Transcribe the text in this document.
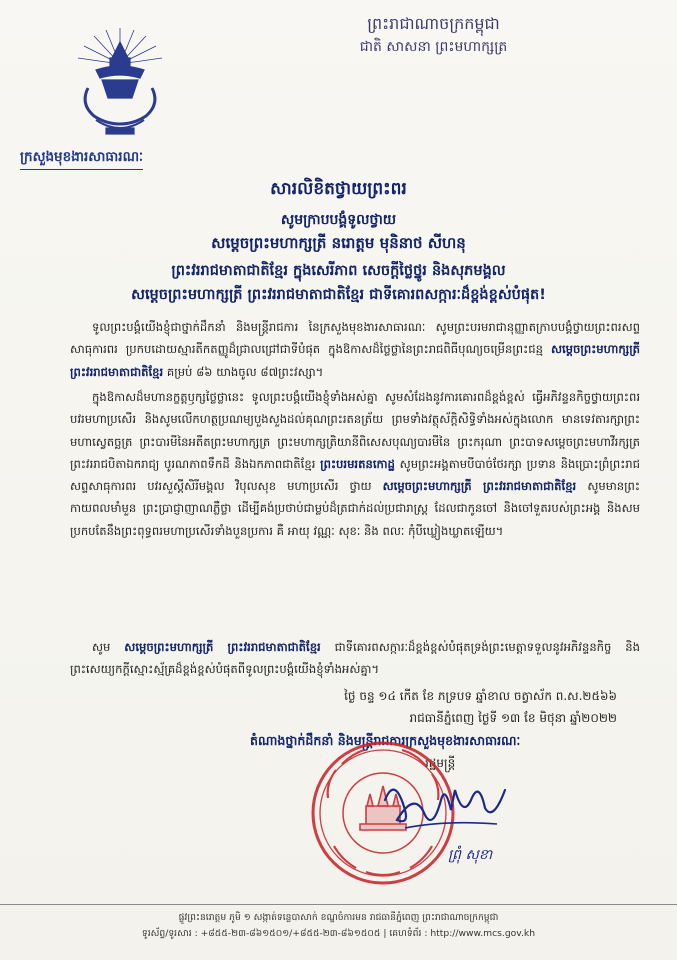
ព្រះរាជាណាចក្រកម្ពុជា
ជាតិ សាសនា ព្រះមហាក្សត្រ
ក្រសួងមុខងារសាធារណៈ
សារលិខិតថ្វាយព្រះពរ
សូមក្រាបបង្គំទូលថ្វាយ
សម្តេចព្រះមហាក្សត្រី នរោត្តម មុនិនាថ សីហនុ
ព្រះវររាជមាតាជាតិខ្មែរ ក្នុងសេរីភាព សេចក្តីថ្លៃថ្នូរ និងសុភមង្គល
សម្តេចព្រះមហាក្សត្រី ព្រះវររាជមាតាជាតិខ្មែរ ជាទីគោរពសក្ការៈដ៏ខ្ពង់ខ្ពស់បំផុត!
ទូលព្រះបង្គំយើងខ្ញុំជាថ្នាក់ដឹកនាំ និងមន្ត្រីរាជការ នៃក្រសួងមុខងារសាធារណៈ សូមព្រះបរមរាជានុញ្ញាតក្រាបបង្គំថ្វាយព្រះពរសព្ទសាធុការពរ ប្រកបដោយស្មារតីកតញ្ញូដ៏ជ្រាលជ្រៅជាទីបំផុត ក្នុងឱកាសដ៏ថ្លៃថ្លានៃព្រះរាជពិធីបុណ្យចម្រើនព្រះជន្ម សម្តេចព្រះមហាក្សត្រី ព្រះវររាជមាតាជាតិខ្មែរ គម្រប់ ៨៦ យាងចូល ៨៧ព្រះវស្សា។
ក្នុងឱកាសដ៏មហានក្ខត្តឫក្សថ្លៃថ្លានេះ ទូលព្រះបង្គំយើងខ្ញុំទាំងអស់គ្នា សូមសំដែងនូវការគោរពដ៏ខ្ពង់ខ្ពស់ ធ្វើអភិវន្ទនកិច្ចថ្វាយព្រះពរ បវរមហាប្រសើរ និងសូមលើកហត្ថប្រណម្យបួងសួងដល់គុណព្រះរតនត្រ័យ ព្រមទាំងវត្ថុស័ក្តិសិទ្ធិទាំងអស់ក្នុងលោក មានទេវតារក្សាព្រះមហាស្វេតច្ឆត្រ ព្រះបារមីនៃអតីតព្រះមហាក្សត្រ ព្រះមហាក្សត្រិយានីពិសេសបុណ្យបារមីនៃ ព្រះករុណា ព្រះបាទសម្តេចព្រះមហាវីរក្សត្រ ព្រះវររាជបិតាឯករាជ្យ បូរណភាពទឹកដី និងឯកភាពជាតិខ្មែរ ព្រះបរមរតនកោដ្ឋ សូមព្រះអង្គតាមបីបាច់ថែរក្សា ប្រទាន និងប្រោះព្រំព្រះរាជសព្ទសាធុការពរ បវរសួស្តីសិរីមង្គល វិបុលសុខ មហាប្រសើរ ថ្វាយ សម្តេចព្រះមហាក្សត្រី ព្រះវររាជមាតាជាតិខ្មែរ សូមមានព្រះកាយពលមាំមួន ព្រះប្រាជ្ញាញាណភ្លឺថ្លា ដើម្បីគង់ប្រថាប់ជាម្លប់ដ៏ត្រជាក់ដល់ប្រជារាស្ត្រ ដែលជាកូនចៅ និងចៅទួតរបស់ព្រះអង្គ និងសមប្រកបតែនឹងព្រះពុទ្ធពរមហាប្រសើរទាំងបួនប្រការ គឺ អាយុ វណ្ណៈ សុខៈ និង ពលៈ កុំបីឃ្លៀងឃ្លាតឡើយ។
សូម សម្តេចព្រះមហាក្សត្រី ព្រះវររាជមាតាជាតិខ្មែរ ជាទីគោរពសក្ការៈដ៏ខ្ពង់ខ្ពស់បំផុតទ្រង់ព្រះមេត្តាទទួលនូវអភិវន្ទនកិច្ច និងព្រះសេយ្យកក្តីស្មោះស្ម័គ្រដ៏ខ្ពង់ខ្ពស់បំផុតពីទូលព្រះបង្គំយើងខ្ញុំទាំងអស់គ្នា។
ថ្ងៃ ចន្ទ ១៤ កើត ខែ ភទ្របទ ឆ្នាំខាល ចត្វាស័ក ព.ស.២៥៦៦
រាជធានីភ្នំពេញ ថ្ងៃទី ១៣ ខែ មិថុនា ឆ្នាំ២០២២
តំណាងថ្នាក់ដឹកនាំ និងមន្ត្រីរាជការក្រសួងមុខងារសាធារណៈ
រដ្ឋមន្ត្រី
ព្រុំ សុខា
ផ្លូវព្រះនរោត្តម ភូមិ ១ សង្កាត់ទន្លេបាសាក់ ខណ្ឌចំការមន រាជធានីភ្នំពេញ ព្រះរាជាណាចក្រកម្ពុជា
ទូរស័ព្ទ/ទូរសារ : +៨៥៥-២៣-៨៦១៥០១/+៨៥៥-២៣-៨៦១៥០៥ | គេហទំព័រ : http://www.mcs.gov.kh
